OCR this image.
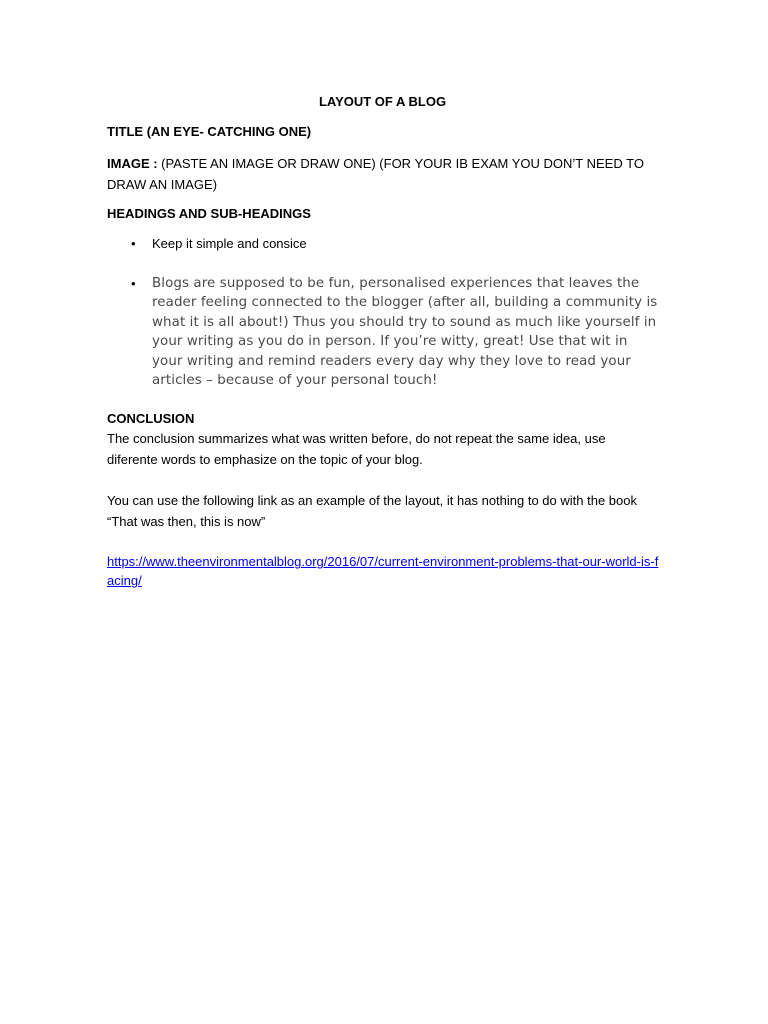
LAYOUT OF A BLOG

TITLE (AN EYE- CATCHING ONE)

IMAGE : (PASTE AN IMAGE OR DRAW ONE) (FOR YOUR IB EXAM YOU DON’T NEED TO DRAW AN IMAGE)

HEADINGS AND SUB-HEADINGS

• Keep it simple and consice
• Blogs are supposed to be fun, personalised experiences that leaves the reader feeling connected to the blogger (after all, building a community is what it is all about!) Thus you should try to sound as much like yourself in your writing as you do in person. If you’re witty, great! Use that wit in your writing and remind readers every day why they love to read your articles – because of your personal touch!

CONCLUSION

The conclusion summarizes what was written before, do not repeat the same idea, use diferente words to emphasize on the topic of your blog.

You can use the following link as an example of the layout, it has nothing to do with the book “That was then, this is now”

https://www.theenvironmentalblog.org/2016/07/current-environment-problems-that-our-world-is-facing/
